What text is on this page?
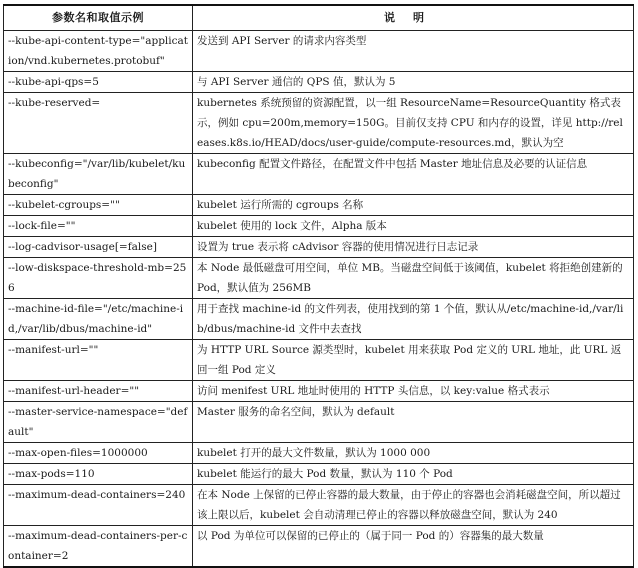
参数名和取值示例	说明
--kube-api-content-type="application/vnd.kubernetes.protobuf"	发送到 API Server 的请求内容类型
--kube-api-qps=5	与 API Server 通信的 QPS 值，默认为 5
--kube-reserved=	kubernetes 系统预留的资源配置，以一组 ResourceName=ResourceQuantity 格式表示，例如 cpu=200m,memory=150G。目前仅支持 CPU 和内存的设置，详见 http://releases.k8s.io/HEAD/docs/user-guide/compute-resources.md，默认为空
--kubeconfig="/var/lib/kubelet/kubeconfig"	kubeconfig 配置文件路径，在配置文件中包括 Master 地址信息及必要的认证信息
--kubelet-cgroups=""	kubelet 运行所需的 cgroups 名称
--lock-file=""	kubelet 使用的 lock 文件，Alpha 版本
--log-cadvisor-usage[=false]	设置为 true 表示将 cAdvisor 容器的使用情况进行日志记录
--low-diskspace-threshold-mb=256	本 Node 最低磁盘可用空间，单位 MB。当磁盘空间低于该阈值，kubelet 将拒绝创建新的 Pod，默认值为 256MB
--machine-id-file="/etc/machine-id,/var/lib/dbus/machine-id"	用于查找 machine-id 的文件列表，使用找到的第 1 个值，默认从/etc/machine-id,/var/lib/dbus/machine-id 文件中去查找
--manifest-url=""	为 HTTP URL Source 源类型时，kubelet 用来获取 Pod 定义的 URL 地址，此 URL 返回一组 Pod 定义
--manifest-url-header=""	访问 menifest URL 地址时使用的 HTTP 头信息，以 key:value 格式表示
--master-service-namespace="default"	Master 服务的命名空间，默认为 default
--max-open-files=1000000	kubelet 打开的最大文件数量，默认为 1000 000
--max-pods=110	kubelet 能运行的最大 Pod 数量，默认为 110 个 Pod
--maximum-dead-containers=240	在本 Node 上保留的已停止容器的最大数量，由于停止的容器也会消耗磁盘空间，所以超过该上限以后，kubelet 会自动清理已停止的容器以释放磁盘空间，默认为 240
--maximum-dead-containers-per-container=2	以 Pod 为单位可以保留的已停止的（属于同一 Pod 的）容器集的最大数量
